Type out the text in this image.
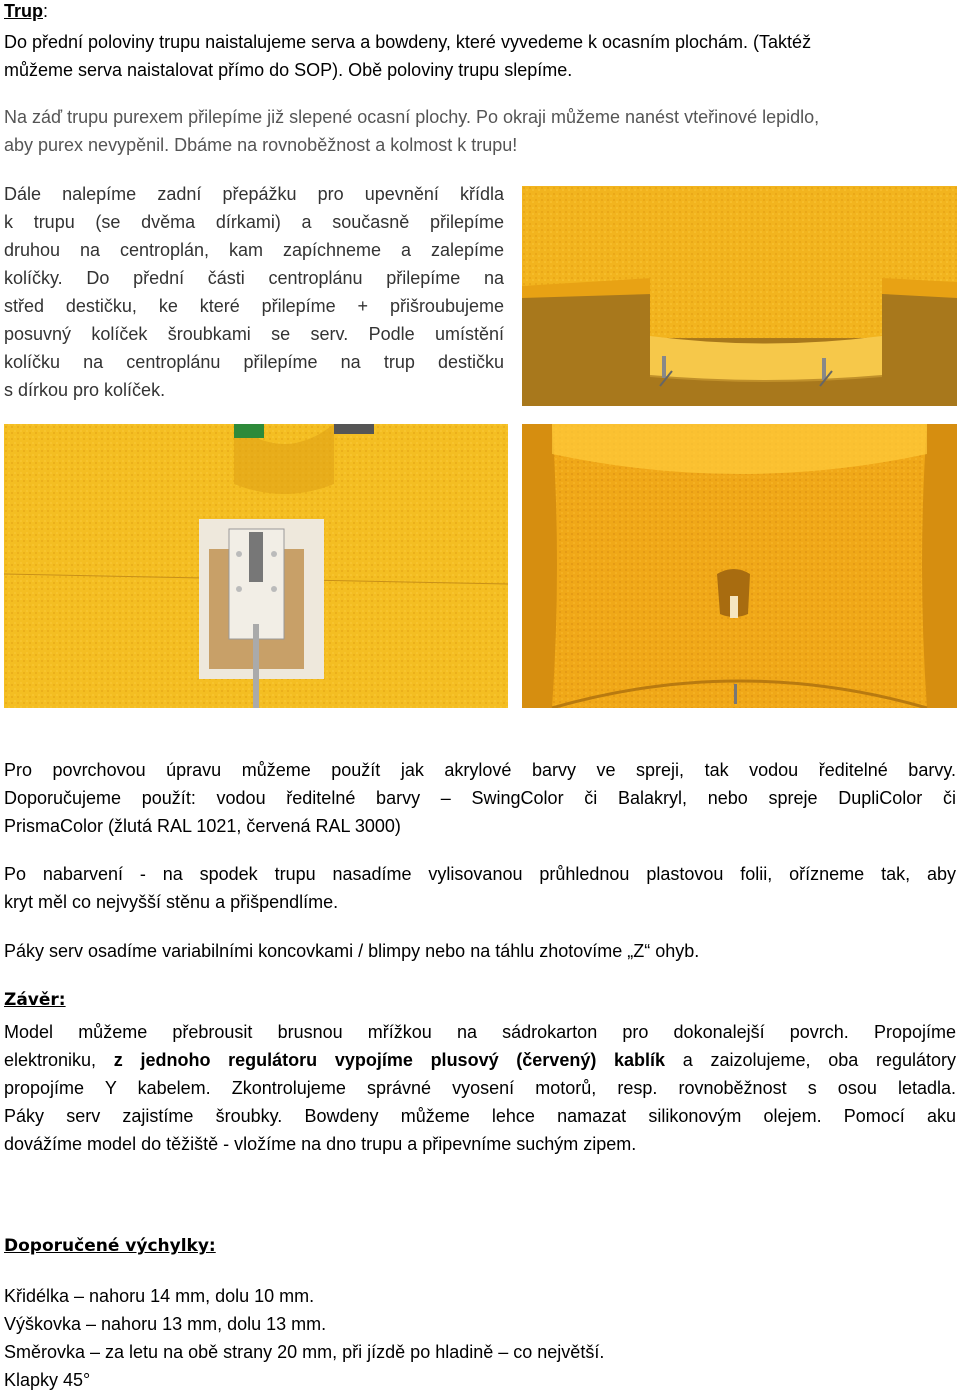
Trup:
Do přední poloviny trupu naistalujeme serva a bowdeny, které vyvedeme k ocasním plochám. (Taktéž
můžeme serva naistalovat přímo do SOP). Obě poloviny trupu slepíme.
Na záď trupu purexem přilepíme již slepené ocasní plochy. Po okraji můžeme nanést vteřinové lepidlo,
aby purex nevypěnil. Dbáme na rovnoběžnost a kolmost k trupu!
Dále nalepíme zadní přepážku pro upevnění křídla
k trupu (se dvěma dírkami) a současně přilepíme
druhou na centroplán, kam zapíchneme a zalepíme
kolíčky. Do přední části centroplánu přilepíme na
střed destičku, ke které přilepíme + přišroubujeme
posuvný kolíček šroubkami se serv. Podle umístění
kolíčku na centroplánu přilepíme na trup destičku
s dírkou pro kolíček.
Pro povrchovou úpravu můžeme použít jak akrylové barvy ve spreji, tak vodou ředitelné barvy.
Doporučujeme použít: vodou ředitelné barvy – SwingColor či Balakryl, nebo spreje DupliColor či
PrismaColor (žlutá RAL 1021, červená RAL 3000)
Po nabarvení - na spodek trupu nasadíme vylisovanou průhlednou plastovou folii, ořízneme tak, aby
kryt měl co nejvyšší stěnu a přišpendlíme.
Páky serv osadíme variabilními koncovkami / blimpy nebo na táhlu zhotovíme „Z“ ohyb.
Závěr:
Model můžeme přebrousit brusnou mřížkou na sádrokarton pro dokonalejší povrch. Propojíme
elektroniku, z jednoho regulátoru vypojíme plusový (červený) kablík a zaizolujeme, oba regulátory
propojíme Y kabelem. Zkontrolujeme správné vyosení motorů, resp. rovnoběžnost s osou letadla.
Páky serv zajistíme šroubky. Bowdeny můžeme lehce namazat silikonovým olejem. Pomocí aku
dovážíme model do těžiště - vložíme na dno trupu a připevníme suchým zipem.
Doporučené výchylky:
Křidélka – nahoru 14 mm, dolu 10 mm.
Výškovka – nahoru 13 mm, dolu 13 mm.
Směrovka – za letu na obě strany 20 mm, při jízdě po hladině – co největší.
Klapky 45°
